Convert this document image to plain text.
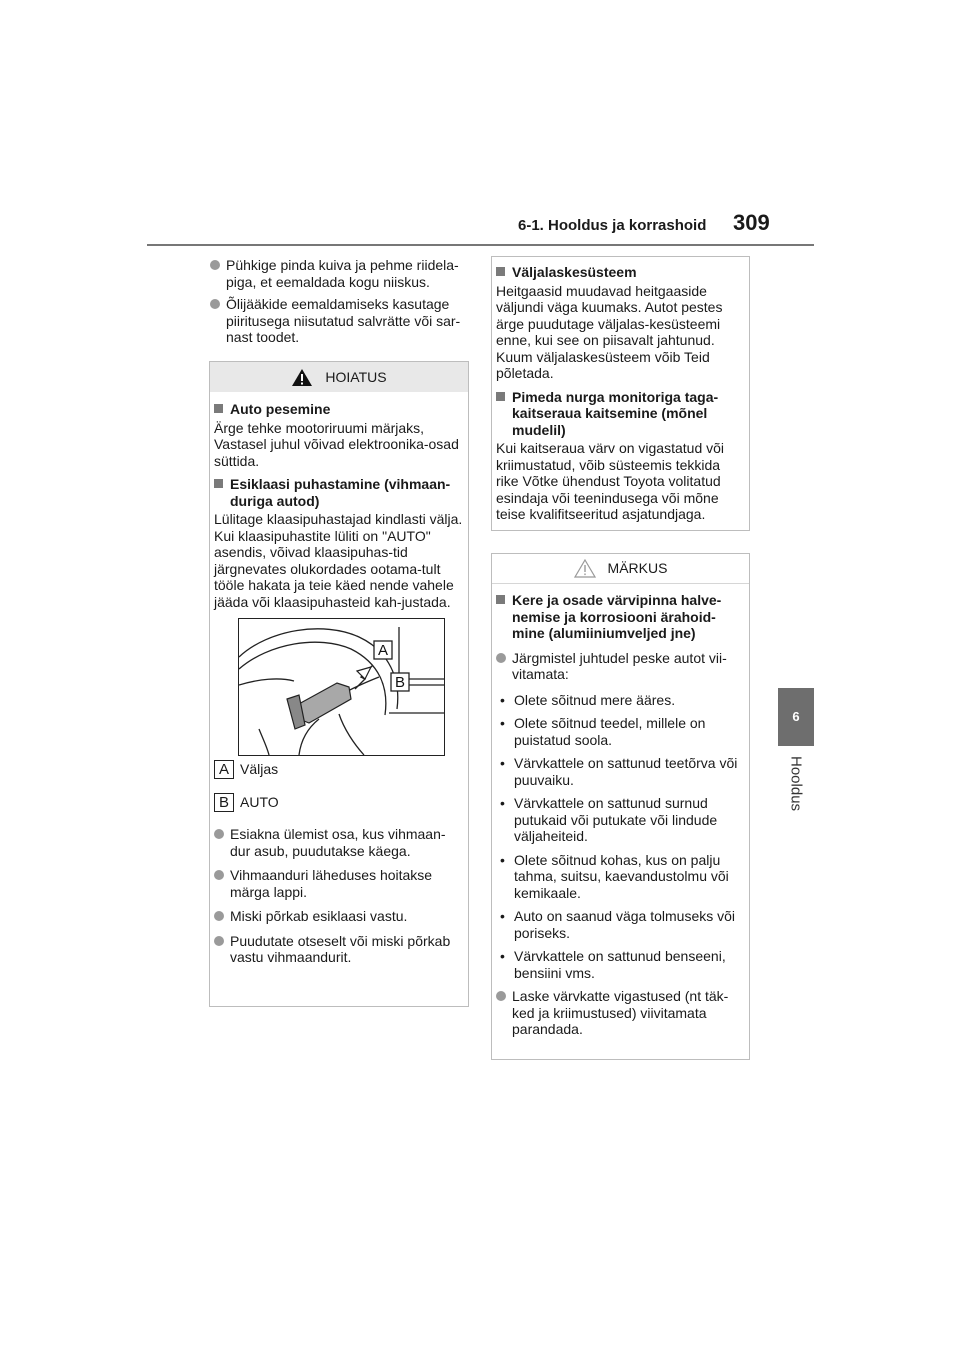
6-1. Hooldus ja korrashoid 309
6
Hooldus
Pühkige pinda kuiva ja pehme riidela-piga, et eemaldada kogu niiskus.
Õlijääkide eemaldamiseks kasutage piiritusega niisutatud salvrätte või sar-nast toodet.
HOIATUS
Auto pesemine
Ärge tehke mootoriruumi märjaks, Vastasel juhul võivad elektroonika-osad süttida.
Esiklaasi puhastamine (vihmaan-duriga autod)
Lülitage klaasipuhastajad kindlasti välja. Kui klaasipuhastite lüliti on "AUTO" asendis, võivad klaasipuhas-tid järgnevates olukordades ootama-tult tööle hakata ja teie käed nende vahele jääda või klaasipuhasteid kah-justada.
A
B
A Väljas
B AUTO
Esiakna ülemist osa, kus vihmaan-dur asub, puudutakse käega.
Vihmaanduri läheduses hoitakse märga lappi.
Miski põrkab esiklaasi vastu.
Puudutate otseselt või miski põrkab vastu vihmaandurit.
Väljalaskesüsteem
Heitgaasid muudavad heitgaaside väljundi väga kuumaks. Autot pestes ärge puudutage väljalas-kesüsteemi enne, kui see on piisavalt jahtunud. Kuum väljalaskesüsteem võib Teid põletada.
Pimeda nurga monitoriga taga-kaitseraua kaitsemine (mõnel mudelil)
Kui kaitseraua värv on vigastatud või kriimustatud, võib süsteemis tekkida rike Võtke ühendust Toyota volitatud esindaja või teenindusega või mõne teise kvalifitseeritud asjatundjaga.
MÄRKUS
Kere ja osade värvipinna halve-nemise ja korrosiooni ärahoid-mine (alumiiniumveljed jne)
Järgmistel juhtudel peske autot vii-vitamata:
• Olete sõitnud mere ääres.
• Olete sõitnud teedel, millele on puistatud soola.
• Värvkattele on sattunud teetõrva või puuvaiku.
• Värvkattele on sattunud surnud putukaid või putukate või lindude väljaheiteid.
• Olete sõitnud kohas, kus on palju tahma, suitsu, kaevandustolmu või kemikaale.
• Auto on saanud väga tolmuseks või poriseks.
• Värvkattele on sattunud benseeni, bensiini vms.
Laske värvkatte vigastused (nt täk-ked ja kriimustused) viivitamata parandada.
